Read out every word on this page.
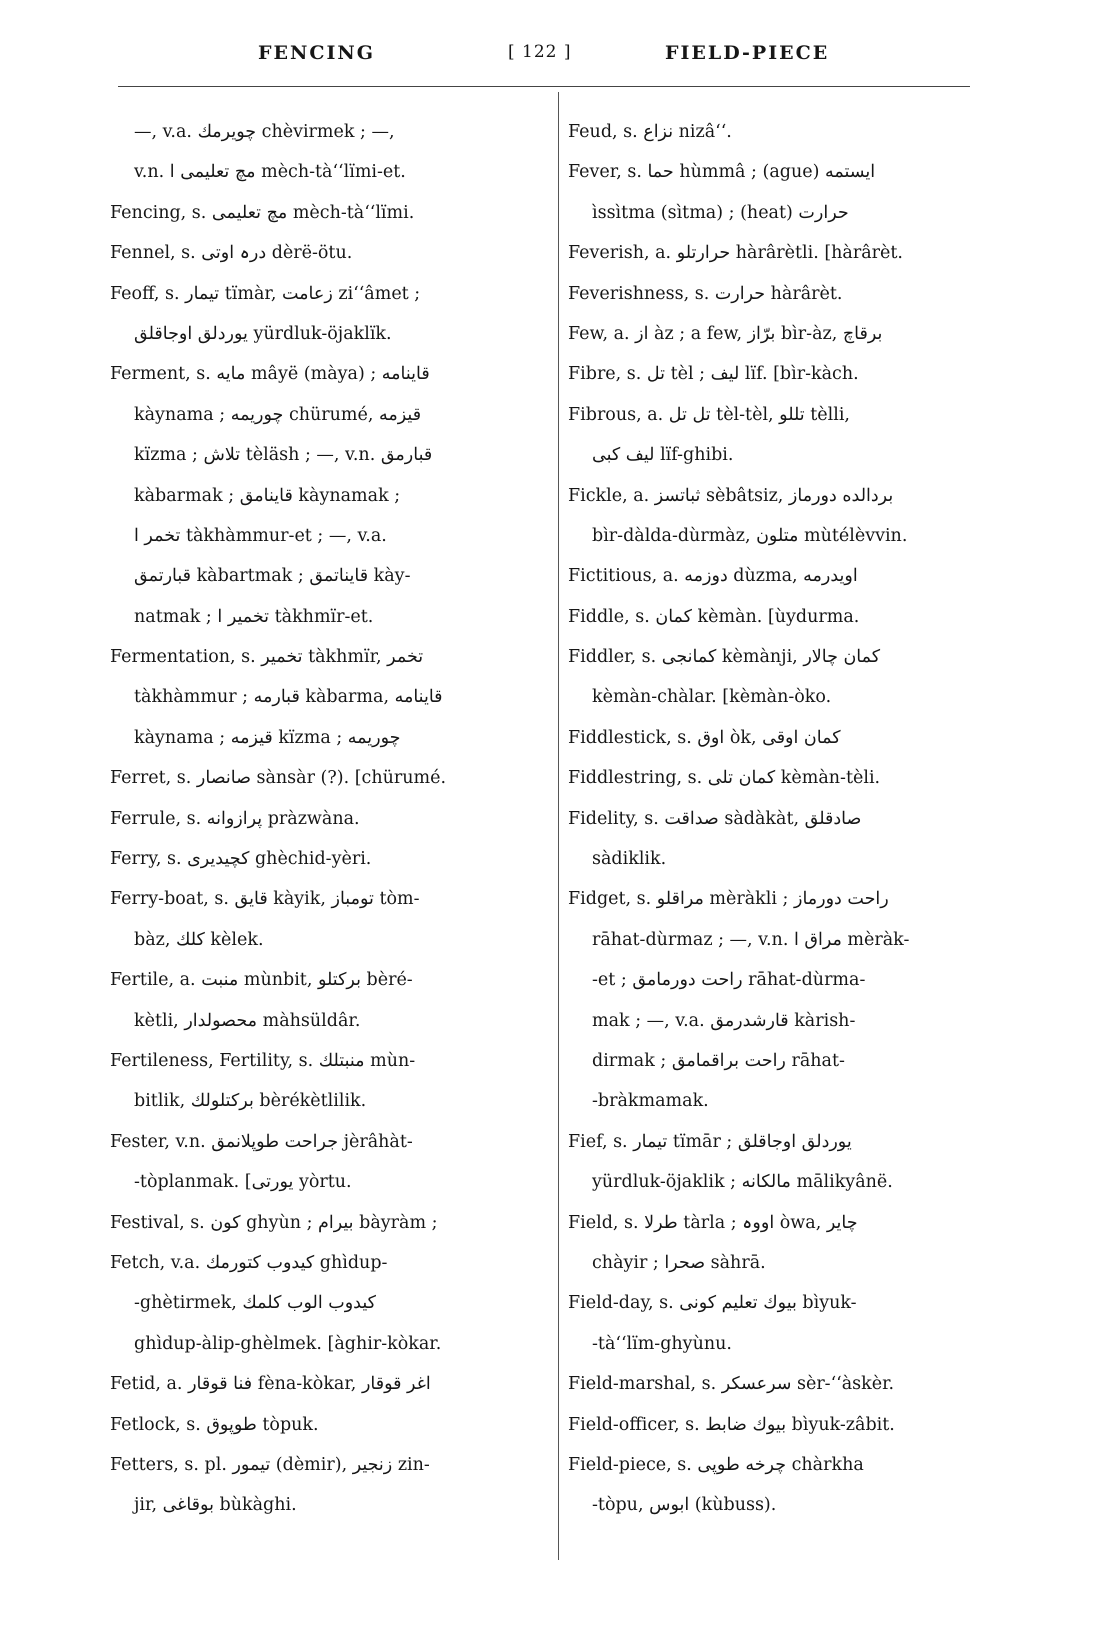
FENCING	[ 122 ]	FIELD-PIECE
—, v.a. چویرمك chèvirmek ; —,
v.n. مچ تعلیمی ا mèch-tà‘‘lïmi-et.
Fencing, s. مچ تعلیمی mèch-tà‘‘lïmi.
Fennel, s. درہ اوتی dèrë-ötu.
Feoff, s. تیمار tïmàr, زعامت zi‘‘âmet ;
یوردلق اوجاقلق yürdluk-öjaklïk.
Ferment, s. مایه mâyë (màya) ; قاینامه
kàynama ; چوریمه chürumé, قیزمه
kïzma ; تلاش tèläsh ; —, v.n. قبارمق
kàbarmak ; قاینامق kàynamak ;
تخمر ا tàkhàmmur-et ; —, v.a.
قبارتمق kàbartmak ; قایناتمق kày-
natmak ; تخمیر ا tàkhmïr-et.
Fermentation, s. تخمیر tàkhmïr, تخمر
tàkhàmmur ; قبارمه kàbarma, قاینامه
kàynama ; قیزمه kïzma ; چوریمه
Ferret, s. صانصار sànsàr (?). [chürumé.
Ferrule, s. پرازوانه pràzwàna.
Ferry, s. کچیدیری ghèchid-yèri.
Ferry-boat, s. قایق kàyik, تومباز tòm-
bàz, کلك kèlek.
Fertile, a. منبت mùnbit, برکتلو bèré-
kètli, محصولدار màhsüldâr.
Fertileness, Fertility, s. منبتلك mùn-
bitlik, برکتلولك bèrékètlilik.
Fester, v.n. جراحت طوپلانمق jèrâhàt-
-tòplanmak. [یورتی yòrtu.
Festival, s. کون ghyùn ; بیرام bàyràm ;
Fetch, v.a. کیدوب کتورمك ghìdup-
-ghètirmek, کیدوب الوب کلمك
ghìdup-àlip-ghèlmek. [àghir-kòkar.
Fetid, a. فنا قوقار fèna-kòkar, اغر قوقار
Fetlock, s. طوپوق tòpuk.
Fetters, s. pl. تیمور (dèmir), زنجیر zin-
jir, بوقاغی bùkàghi.
Feud, s. نزاع nizâ‘‘.
Fever, s. حما hùmmâ ; (ague) ایستمه
ìssìtma (sìtma) ; (heat) حرارت
Feverish, a. حرارتلو hàrârètli. [hàrârèt.
Feverishness, s. حرارت hàrârèt.
Few, a. از àz ; a few, برّاز bìr-àz, برقاچ
Fibre, s. تل tèl ; لیف lïf. [bìr-kàch.
Fibrous, a. تل تل tèl-tèl, تللو tèlli,
لیف کبی lïf-ghibi.
Fickle, a. ثباتسز sèbâtsiz, بردالده دورماز
bìr-dàlda-dùrmàz, متلون mùtélèvvin.
Fictitious, a. دوزمه dùzma, اویدرمه
Fiddle, s. کمان kèmàn. [ùydurma.
Fiddler, s. کمانجی kèmànji, کمان چالار
kèmàn-chàlar. [kèmàn-òko.
Fiddlestick, s. اوق òk, کمان اوقی
Fiddlestring, s. کمان تلی kèmàn-tèli.
Fidelity, s. صداقت sàdàkàt, صادقلق
sàdiklik.
Fidget, s. مراقلو mèràkli ; راحت دورماز
rāhat-dùrmaz ; —, v.n. مراق ا mèràk-
-et ; راحت دورمامق rāhat-dùrma-
mak ; —, v.a. قارشدرمق kàrish-
dirmak ; راحت براقمامق rāhat-
-bràkmamak.
Fief, s. تیمار tïmār ; یوردلق اوجاقلق
yürdluk-öjaklik ; مالکانه mālikyânë.
Field, s. طرلا tàrla ; اووہ òwa, چایر
chàyir ; صحرا sàhrā.
Field-day, s. بیوك تعلیم کونی bìyuk-
-tà‘‘lïm-ghyùnu.
Field-marshal, s. سرعسکر sèr-‘‘àskèr.
Field-officer, s. بیوك ضابط bìyuk-zâbit.
Field-piece, s. چرخه طوپی chàrkha
-tòpu, ابوس (kùbuss).
